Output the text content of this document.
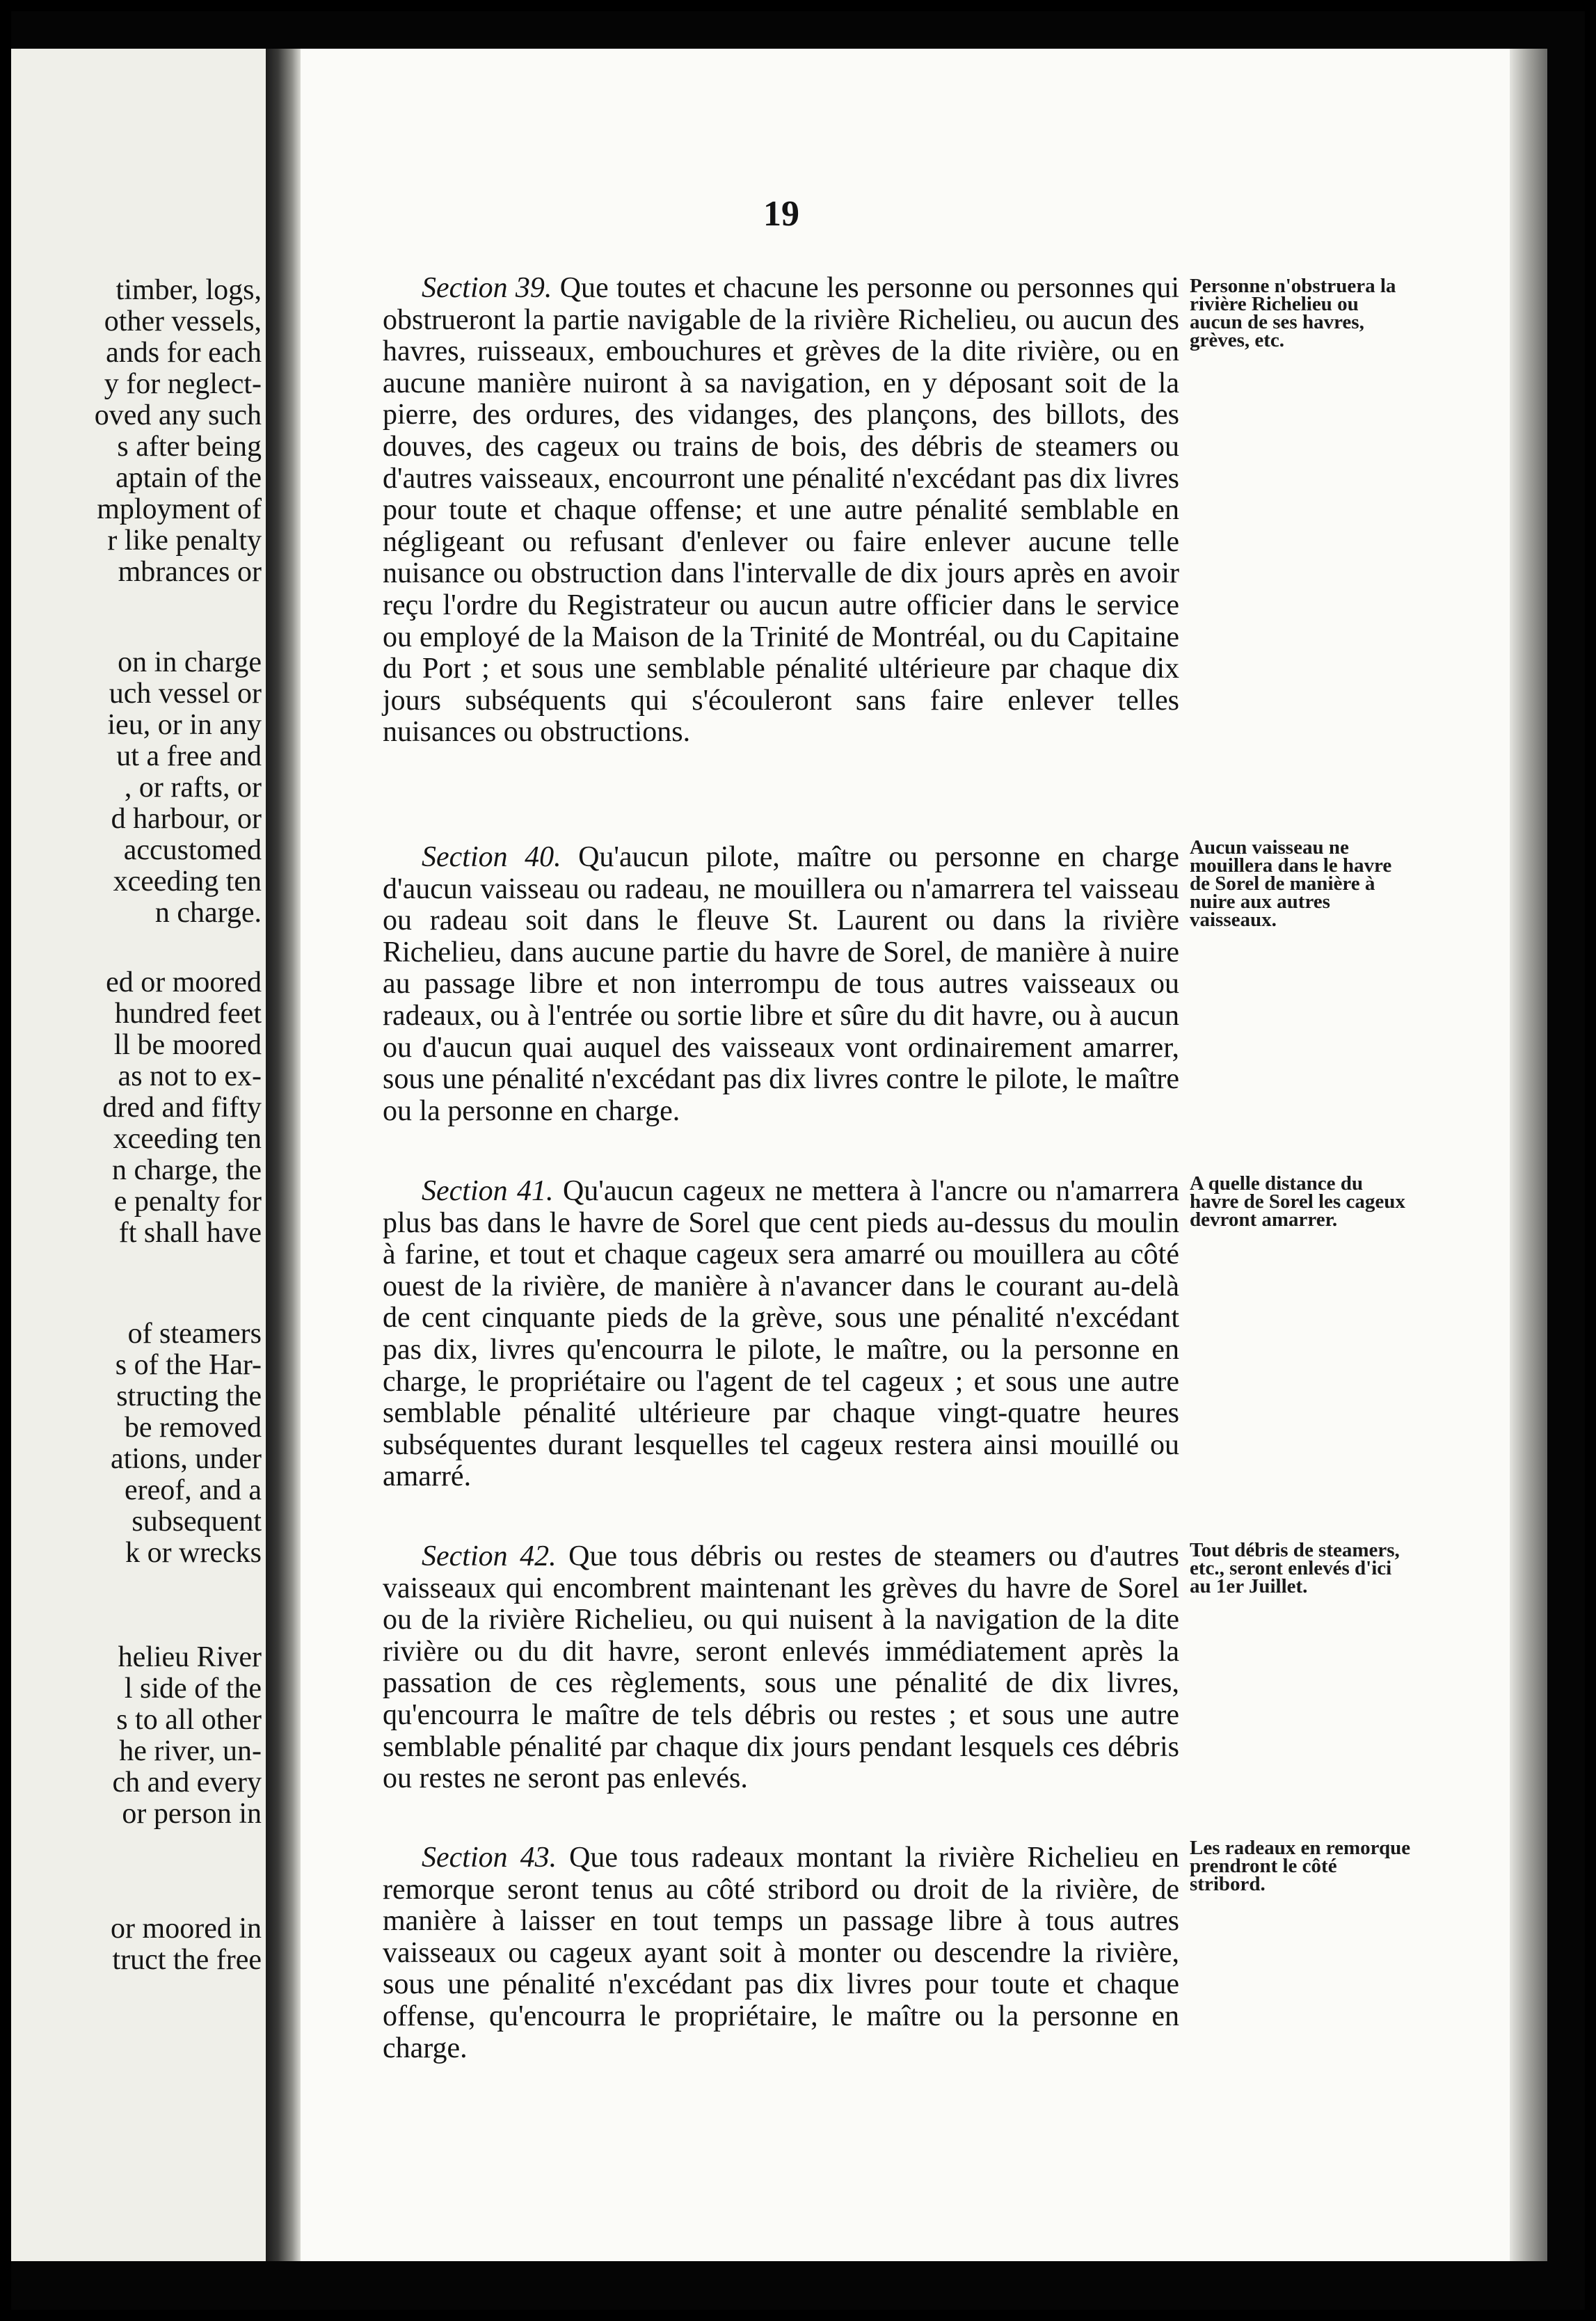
timber, logs,
other vessels,
ands for each
y for neglect-
oved any such
s after being
aptain of the
mployment of
r like penalty
mbrances or
on in charge
uch vessel or
ieu, or in any
ut a free and
, or rafts, or
d harbour, or
accustomed
xceeding ten
n charge.
ed or moored
hundred feet
ll be moored
as not to ex-
dred and fifty
xceeding ten
n charge, the
e penalty for
ft shall have
of steamers
s of the Har-
structing the
be removed
ations, under
ereof, and a
subsequent
k or wrecks
helieu River
l side of the
s to all other
he river, un-
ch and every
or person in
or moored in
truct the free
19

Section 39. Que toutes et chacune les personne ou personnes qui obstrueront la partie navigable de la rivière Richelieu, ou aucun des havres, ruisseaux, embouchures et grèves de la dite rivière, ou en aucune manière nuiront à sa navigation, en y déposant soit de la pierre, des ordures, des vidanges, des plançons, des billots, des douves, des cageux ou trains de bois, des débris de steamers ou d'autres vaisseaux, encourront une pénalité n'excédant pas dix livres pour toute et chaque offense; et une autre pénalité semblable en négligeant ou refusant d'enlever ou faire enlever aucune telle nuisance ou obstruction dans l'intervalle de dix jours après en avoir reçu l'ordre du Registrateur ou aucun autre officier dans le service ou employé de la Maison de la Trinité de Montréal, ou du Capitaine du Port ; et sous une semblable pénalité ultérieure par chaque dix jours subséquents qui s'écouleront sans faire enlever telles nuisances ou obstructions.

Personne n'obstruera la rivière Richelieu ou aucun de ses havres, grèves, etc.

Section 40. Qu'aucun pilote, maître ou personne en charge d'aucun vaisseau ou radeau, ne mouillera ou n'amarrera tel vaisseau ou radeau soit dans le fleuve St. Laurent ou dans la rivière Richelieu, dans aucune partie du havre de Sorel, de manière à nuire au passage libre et non interrompu de tous autres vaisseaux ou radeaux, ou à l'entrée ou sortie libre et sûre du dit havre, ou à aucun ou d'aucun quai auquel des vaisseaux vont ordinairement amarrer, sous une pénalité n'excédant pas dix livres contre le pilote, le maître ou la personne en charge.

Aucun vaisseau ne mouillera dans le havre de Sorel de manière à nuire aux autres vaisseaux.

Section 41. Qu'aucun cageux ne mettera à l'ancre ou n'amarrera plus bas dans le havre de Sorel que cent pieds au-dessus du moulin à farine, et tout et chaque cageux sera amarré ou mouillera au côté ouest de la rivière, de manière à n'avancer dans le courant au-delà de cent cinquante pieds de la grève, sous une pénalité n'excédant pas dix, livres qu'encourra le pilote, le maître, ou la personne en charge, le propriétaire ou l'agent de tel cageux ; et sous une autre semblable pénalité ultérieure par chaque vingt-quatre heures subséquentes durant lesquelles tel cageux restera ainsi mouillé ou amarré.

A quelle distance du havre de Sorel les cageux devront amarrer.

Section 42. Que tous débris ou restes de steamers ou d'autres vaisseaux qui encombrent maintenant les grèves du havre de Sorel ou de la rivière Richelieu, ou qui nuisent à la navigation de la dite rivière ou du dit havre, seront enlevés immédiatement après la passation de ces règlements, sous une pénalité de dix livres, qu'encourra le maître de tels débris ou restes ; et sous une autre semblable pénalité par chaque dix jours pendant lesquels ces débris ou restes ne seront pas enlevés.

Tout débris de steamers, etc., seront enlevés d'ici au 1er Juillet.

Section 43. Que tous radeaux montant la rivière Richelieu en remorque seront tenus au côté stribord ou droit de la rivière, de manière à laisser en tout temps un passage libre à tous autres vaisseaux ou cageux ayant soit à monter ou descendre la rivière, sous une pénalité n'excédant pas dix livres pour toute et chaque offense, qu'encourra le propriétaire, le maître ou la personne en charge.

Les radeaux en remorque prendront le côté stribord.
